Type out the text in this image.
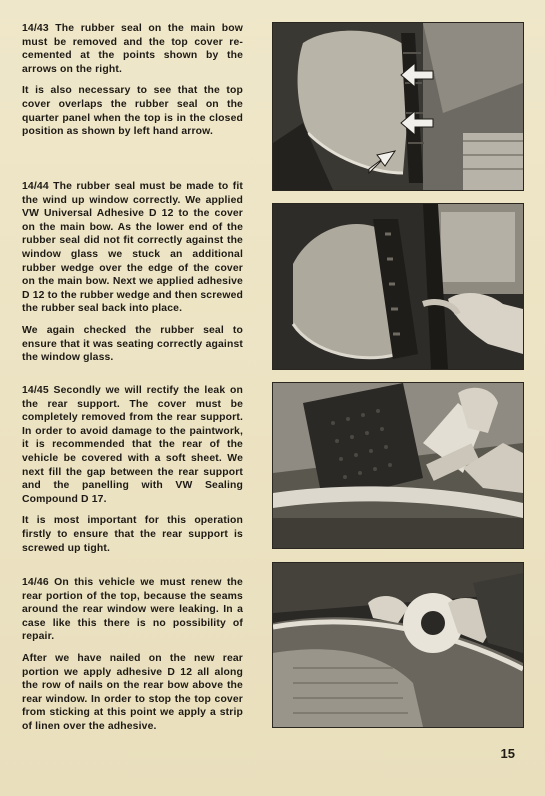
14/43 The rubber seal on the main bow must be removed and the top cover re-cemented at the points shown by the arrows on the right.

It is also necessary to see that the top cover overlaps the rubber seal on the quarter panel when the top is in the closed position as shown by left hand arrow.

14/44 The rubber seal must be made to fit the wind up window correctly. We applied VW Universal Adhesive D 12 to the cover on the main bow. As the lower end of the rubber seal did not fit correctly against the window glass we stuck an additional rubber wedge over the edge of the cover on the main bow. Next we applied adhesive D 12 to the rubber wedge and then screwed the rubber seal back into place.

We again checked the rubber seal to ensure that it was seating correctly against the window glass.

14/45 Secondly we will rectify the leak on the rear support. The cover must be completely removed from the rear support. In order to avoid damage to the paintwork, it is recommended that the rear of the vehicle be covered with a soft sheet. We next fill the gap between the rear support and the panelling with VW Sealing Compound D 17.

It is most important for this operation firstly to ensure that the rear support is screwed up tight.

14/46 On this vehicle we must renew the rear portion of the top, because the seams around the rear window were leaking. In a case like this there is no possibility of repair.

After we have nailed on the new rear portion we apply adhesive D 12 all along the row of nails on the rear bow above the rear window. In order to stop the top cover from sticking at this point we apply a strip of linen over the adhesive.

15
